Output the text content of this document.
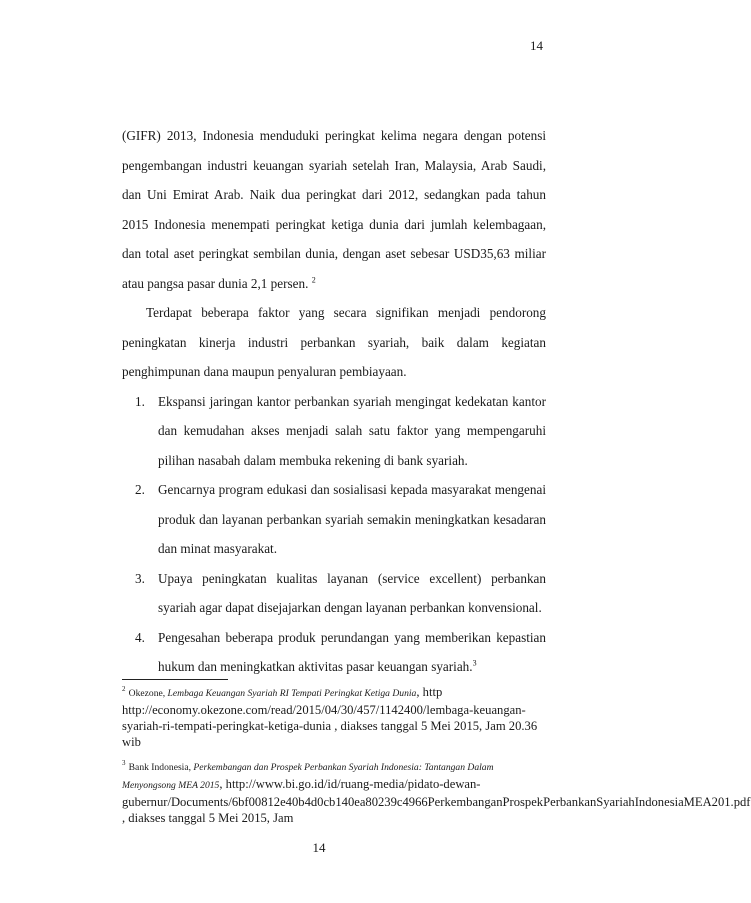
14

(GIFR) 2013, Indonesia menduduki peringkat kelima negara dengan potensi pengembangan industri keuangan syariah setelah Iran, Malaysia, Arab Saudi, dan Uni Emirat Arab. Naik dua peringkat dari 2012, sedangkan pada tahun 2015 Indonesia menempati peringkat ketiga dunia dari jumlah kelembagaan, dan total aset peringkat sembilan dunia, dengan aset sebesar USD35,63 miliar atau pangsa pasar dunia 2,1 persen. $^2$

Terdapat beberapa faktor yang secara signifikan menjadi pendorong peningkatan kinerja industri perbankan syariah, baik dalam kegiatan penghimpunan dana maupun penyaluran pembiayaan.

1. Ekspansi jaringan kantor perbankan syariah mengingat kedekatan kantor dan kemudahan akses menjadi salah satu faktor yang mempengaruhi pilihan nasabah dalam membuka rekening di bank syariah.
2. Gencarnya program edukasi dan sosialisasi kepada masyarakat mengenai produk dan layanan perbankan syariah semakin meningkatkan kesadaran dan minat masyarakat.
3. Upaya peningkatan kualitas layanan (service excellent) perbankan syariah agar dapat disejajarkan dengan layanan perbankan konvensional.
4. Pengesahan beberapa produk perundangan yang memberikan kepastian hukum dan meningkatkan aktivitas pasar keuangan syariah.$^3$

$^2$ Okezone, Lembaga Keuangan Syariah RI Tempati Peringkat Ketiga Dunia, http http://economy.okezone.com/read/2015/04/30/457/1142400/lembaga-keuangan-syariah-ri-tempati-peringkat-ketiga-dunia , diakses tanggal 5 Mei 2015, Jam 20.36 wib

$^3$ Bank Indonesia, Perkembangan dan Prospek Perbankan Syariah Indonesia: Tantangan Dalam Menyongsong MEA 2015, http://www.bi.go.id/id/ruang-media/pidato-dewan-gubernur/Documents/6bf00812e40b4d0cb140ea80239c4966PerkembanganProspekPerbankanSyariahIndonesiaMEA201.pdf , diakses tanggal 5 Mei 2015, Jam

14
